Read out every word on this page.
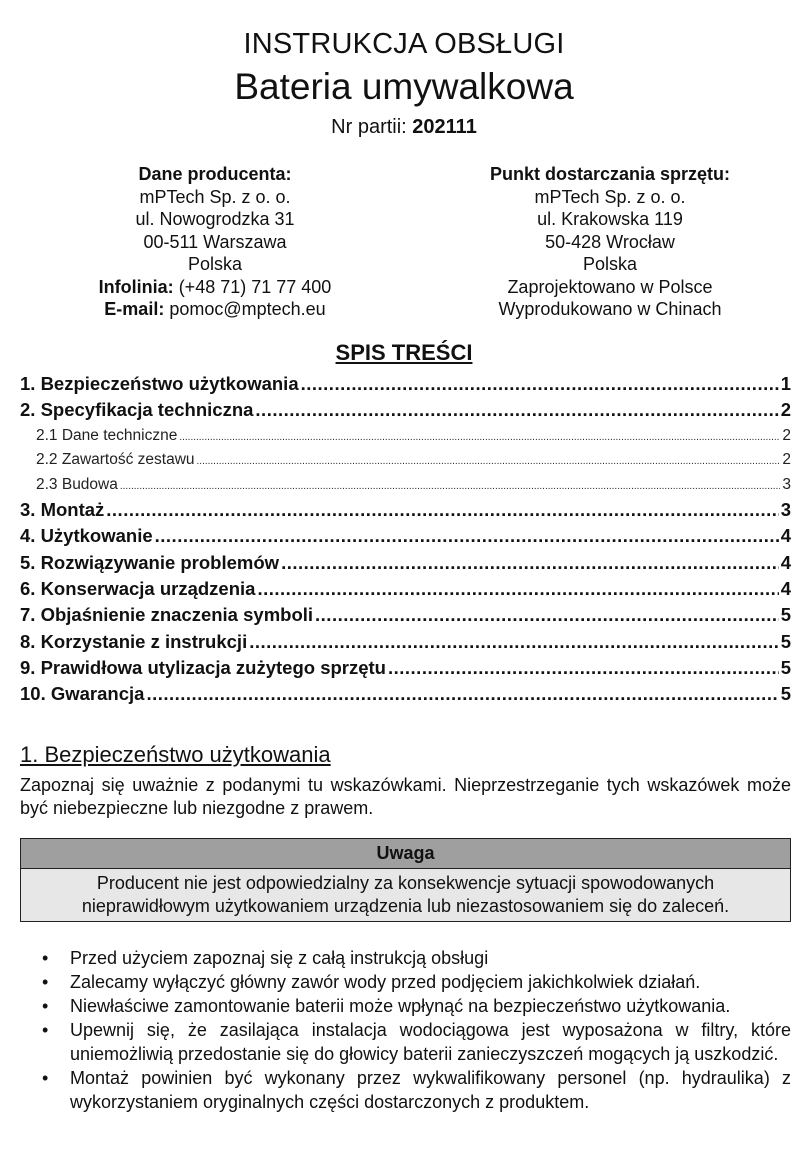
INSTRUKCJA OBSŁUGI
Bateria umywalkowa
Nr partii: 202111
Dane producenta:
mPTech Sp. z o. o.
ul. Nowogrodzka 31
00-511 Warszawa
Polska
Infolinia: (+48 71) 71 77 400
E-mail: pomoc@mptech.eu
Punkt dostarczania sprzętu:
mPTech Sp. z o. o.
ul. Krakowska 119
50-428 Wrocław
Polska
Zaprojektowano w Polsce
Wyprodukowano w Chinach
SPIS TREŚCI
1. Bezpieczeństwo użytkowania .....	1
2. Specyfikacja techniczna .....	2
2.1 Dane techniczne .....	2
2.2 Zawartość zestawu .....	2
2.3 Budowa .....	3
3. Montaż .....	3
4. Użytkowanie .....	4
5. Rozwiązywanie problemów .....	4
6. Konserwacja urządzenia .....	4
7. Objaśnienie znaczenia symboli .....	5
8. Korzystanie z instrukcji .....	5
9. Prawidłowa utylizacja zużytego sprzętu .....	5
10. Gwarancja .....	5
1. Bezpieczeństwo użytkowania
Zapoznaj się uważnie z podanymi tu wskazówkami. Nieprzestrzeganie tych wskazówek może być niebezpieczne lub niezgodne z prawem.
Uwaga
Producent nie jest odpowiedzialny za konsekwencje sytuacji spowodowanych nieprawidłowym użytkowaniem urządzenia lub niezastosowaniem się do zaleceń.
• Przed użyciem zapoznaj się z całą instrukcją obsługi
• Zalecamy wyłączyć główny zawór wody przed podjęciem jakichkolwiek działań.
• Niewłaściwe zamontowanie baterii może wpłynąć na bezpieczeństwo użytkowania.
• Upewnij się, że zasilająca instalacja wodociągowa jest wyposażona w filtry, które uniemożliwią przedostanie się do głowicy baterii zanieczyszczeń mogących ją uszkodzić.
• Montaż powinien być wykonany przez wykwalifikowany personel (np. hydraulika) z wykorzystaniem oryginalnych części dostarczonych z produktem.
